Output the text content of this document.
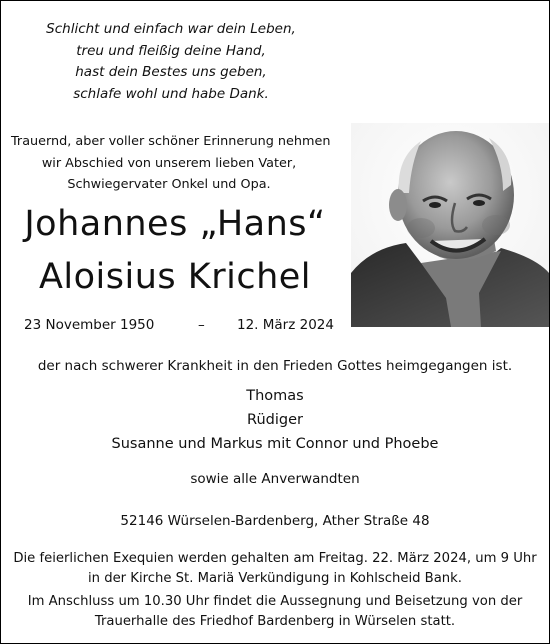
Schlicht und einfach war dein Leben,
treu und fleißig deine Hand,
hast dein Bestes uns geben,
schlafe wohl und habe Dank.
Trauernd, aber voller schöner Erinnerung nehmen
wir Abschied von unserem lieben Vater,
Schwiegervater Onkel und Opa.
Johannes „Hans“
Aloisius Krichel
23 November 1950	– 12. März 2024
der nach schwerer Krankheit in den Frieden Gottes heimgegangen ist.
Thomas
Rüdiger
Susanne und Markus mit Connor und Phoebe
sowie alle Anverwandten
52146 Würselen-Bardenberg, Ather Straße 48
Die feierlichen Exequien werden gehalten am Freitag. 22. März 2024, um 9 Uhr
in der Kirche St. Mariä Verkündigung in Kohlscheid Bank.
Im Anschluss um 10.30 Uhr findet die Aussegnung und Beisetzung von der
Trauerhalle des Friedhof Bardenberg in Würselen statt.
